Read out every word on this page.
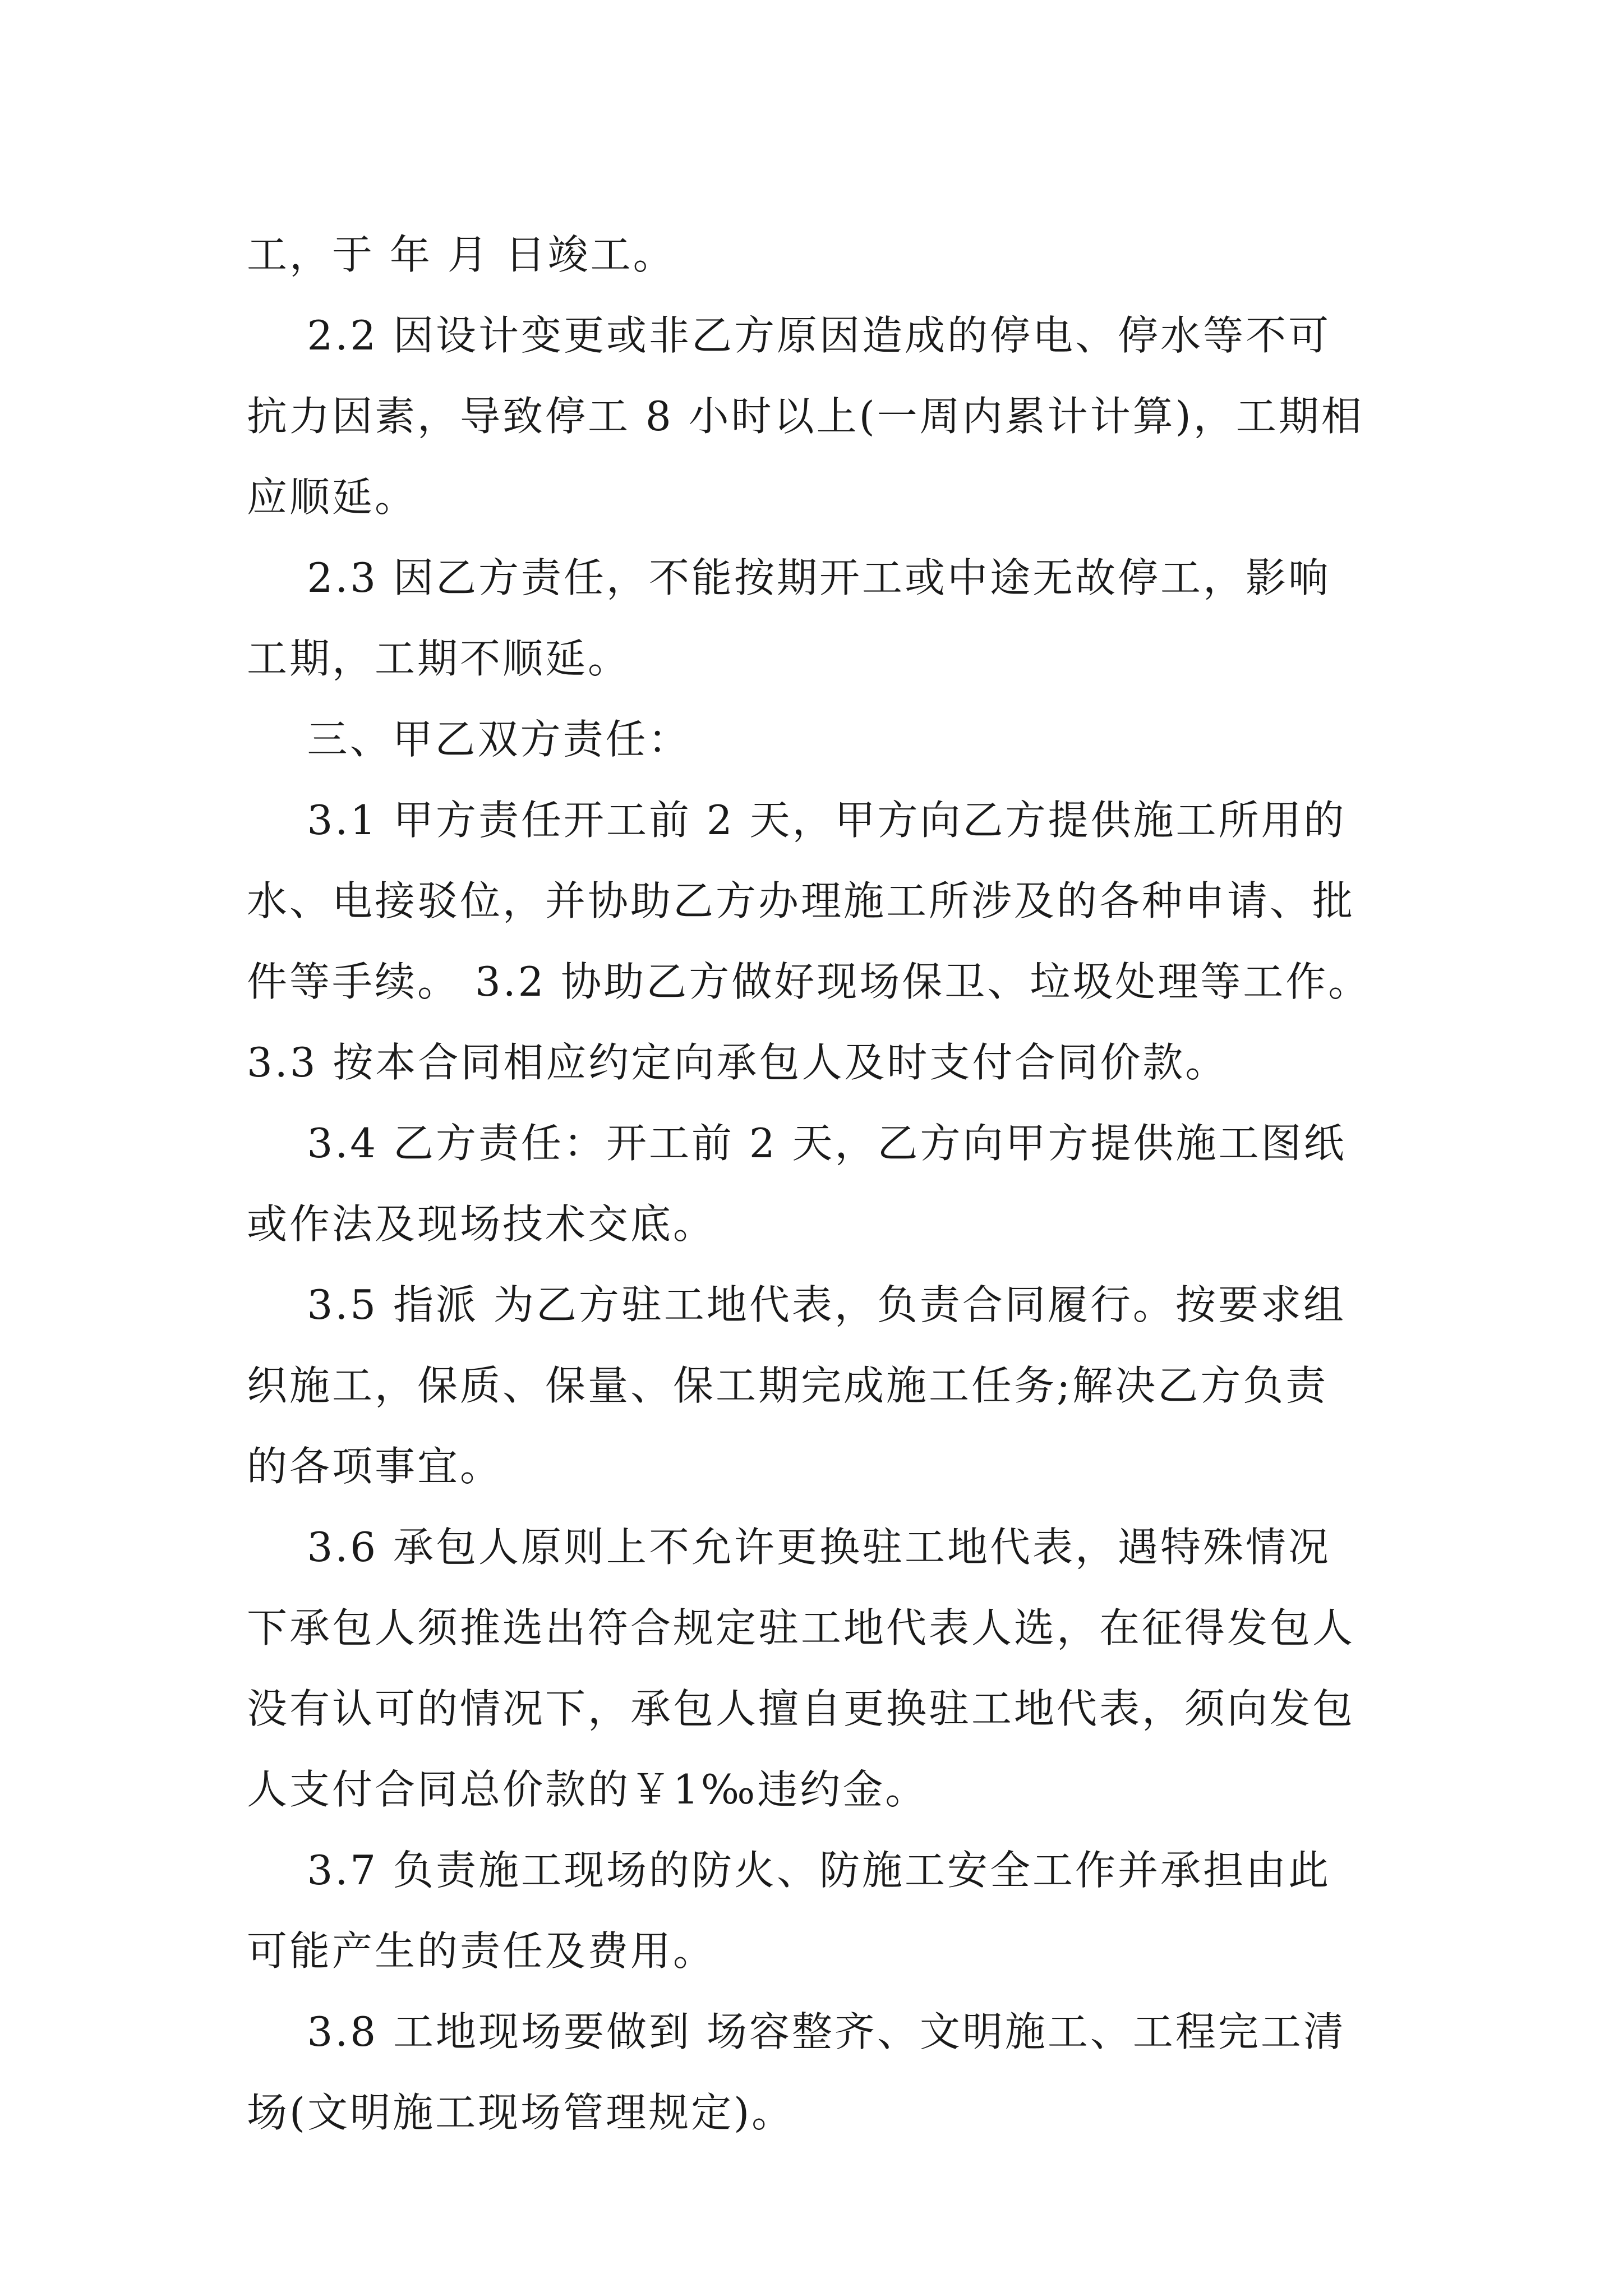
工，于 年 月 日竣工。

2.2 因设计变更或非乙方原因造成的停电、停水等不可

抗力因素，导致停工 8 小时以上(一周内累计计算)，工期相

应顺延。

2.3 因乙方责任，不能按期开工或中途无故停工，影响

工期，工期不顺延。

三、甲乙双方责任：

3.1 甲方责任开工前 2 天，甲方向乙方提供施工所用的

水、电接驳位，并协助乙方办理施工所涉及的各种申请、批

件等手续。 3.2 协助乙方做好现场保卫、垃圾处理等工作。

3.3 按本合同相应约定向承包人及时支付合同价款。

3.4 乙方责任：开工前 2 天，乙方向甲方提供施工图纸

或作法及现场技术交底。

3.5 指派 为乙方驻工地代表，负责合同履行。按要求组

织施工，保质、保量、保工期完成施工任务;解决乙方负责

的各项事宜。

3.6 承包人原则上不允许更换驻工地代表，遇特殊情况

下承包人须推选出符合规定驻工地代表人选，在征得发包人

没有认可的情况下，承包人擅自更换驻工地代表，须向发包

人支付合同总价款的￥1‰违约金。

3.7 负责施工现场的防火、防施工安全工作并承担由此

可能产生的责任及费用。

3.8 工地现场要做到 场容整齐、文明施工、工程完工清

场(文明施工现场管理规定)。
